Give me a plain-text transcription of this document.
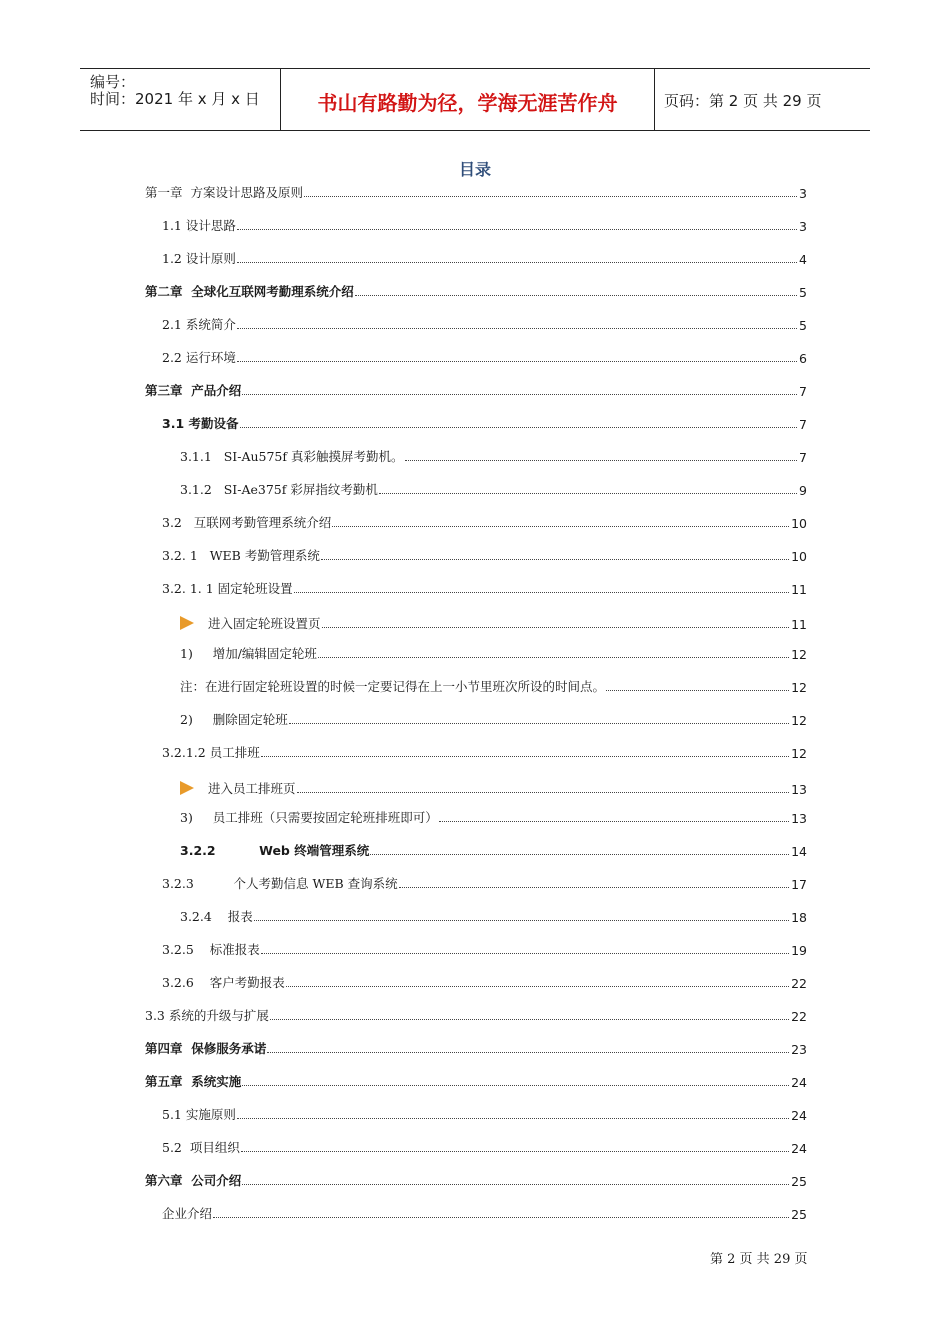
编号：
时间：2021 年 x 月 x 日	书山有路勤为径，学海无涯苦作舟	页码：第 2 页 共 29 页
目录
第一章  方案设计思路及原则	3
1.1 设计思路	3
1.2 设计原则	4
第二章  全球化互联网考勤理系统介绍	5
2.1 系统简介	5
2.2 运行环境	6
第三章  产品介绍	7
3.1 考勤设备	7
3.1.1   SI-Au575f 真彩触摸屏考勤机。	7
3.1.2   SI-Ae375f 彩屏指纹考勤机	9
3.2   互联网考勤管理系统介绍	10
3.2. 1   WEB 考勤管理系统	10
3.2. 1. 1 固定轮班设置	11
进入固定轮班设置页	11
1)     增加/编辑固定轮班	12
注：在进行固定轮班设置的时候一定要记得在上一小节里班次所设的时间点。	12
2)     删除固定轮班	12
3.2.1.2 员工排班	12
进入员工排班页	13
3)     员工排班（只需要按固定轮班排班即可）	13
3.2.2          Web 终端管理系统	14
3.2.3          个人考勤信息 WEB 查询系统	17
3.2.4    报表	18
3.2.5    标准报表	19
3.2.6    客户考勤报表	22
3.3 系统的升级与扩展	22
第四章  保修服务承诺	23
第五章  系统实施	24
5.1 实施原则	24
5.2  项目组织	24
第六章  公司介绍	25
企业介绍	25
第 2 页 共 29 页
